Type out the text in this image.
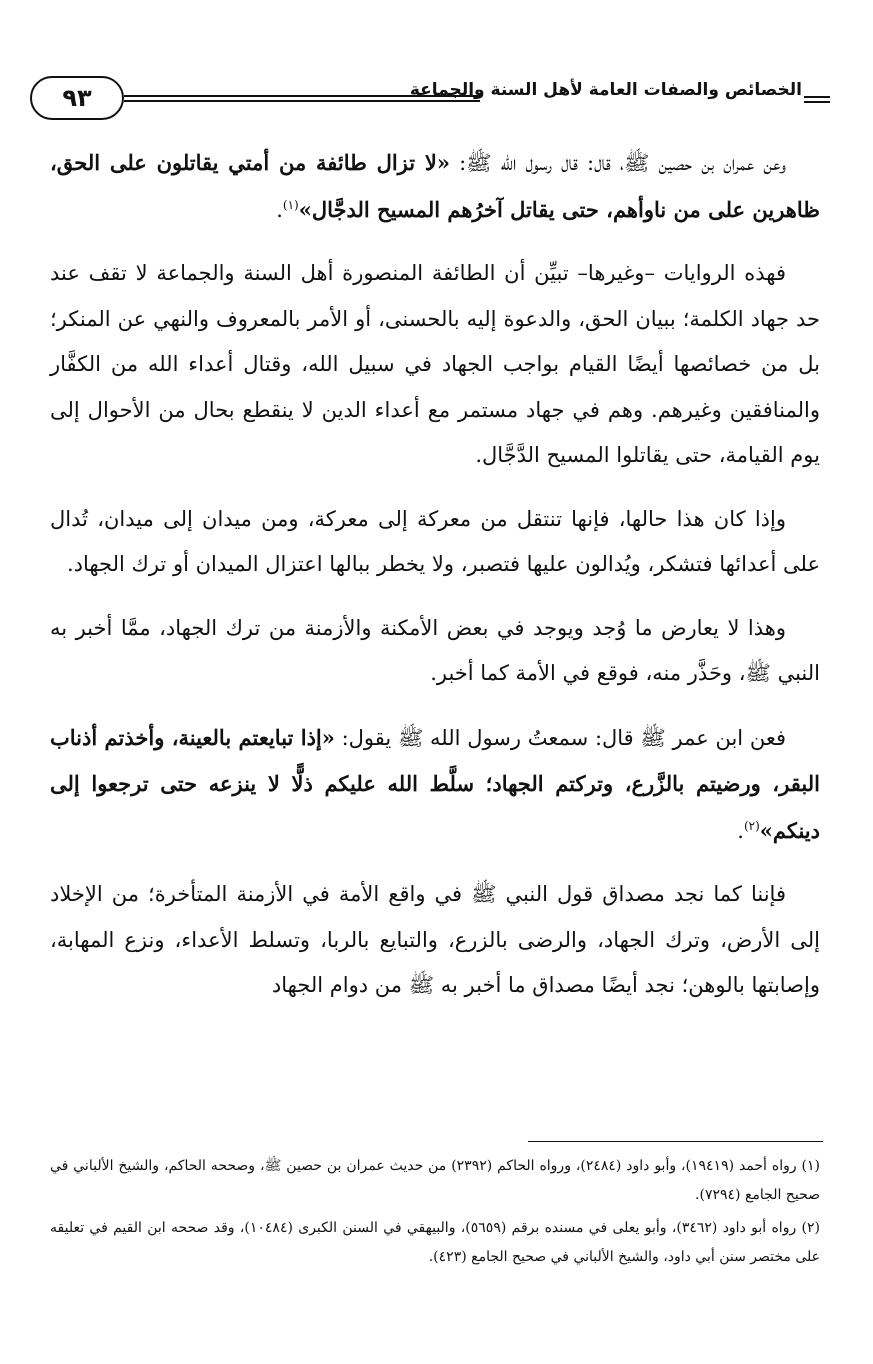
٩٣	الخصائص والصفات العامة لأهل السنة والجماعة

وعن عمران بن حصين ﷺ، قال: قال رسول الله ﷺ: «لا تزال طائفة من أمتي يقاتلون على الحق، ظاهرين على من ناوأهم، حتى يقاتل آخرُهم المسيح الدجَّال»$^{(١)}$.

فهذه الروايات –وغيرها– تبيِّن أن الطائفة المنصورة أهل السنة والجماعة لا تقف عند حد جهاد الكلمة؛ ببيان الحق، والدعوة إليه بالحسنى، أو الأمر بالمعروف والنهي عن المنكر؛ بل من خصائصها أيضًا القيام بواجب الجهاد في سبيل الله، وقتال أعداء الله من الكفَّار والمنافقين وغيرهم. وهم في جهاد مستمر مع أعداء الدين لا ينقطع بحال من الأحوال إلى يوم القيامة، حتى يقاتلوا المسيح الدَّجَّال.

وإذا كان هذا حالها، فإنها تنتقل من معركة إلى معركة، ومن ميدان إلى ميدان، تُدال على أعدائها فتشكر، ويُدالون عليها فتصبر، ولا يخطر ببالها اعتزال الميدان أو ترك الجهاد.

وهذا لا يعارض ما وُجد ويوجد في بعض الأمكنة والأزمنة من ترك الجهاد، ممَّا أخبر به النبي ﷺ، وحَذَّر منه، فوقع في الأمة كما أخبر.

فعن ابن عمر ﷺ قال: سمعتُ رسول الله ﷺ يقول: «إذا تبايعتم بالعينة، وأخذتم أذناب البقر، ورضيتم بالزَّرع، وتركتم الجهاد؛ سلَّط الله عليكم ذلًّا لا ينزعه حتى ترجعوا إلى دينكم»$^{(٢)}$.

فإننا كما نجد مصداق قول النبي ﷺ في واقع الأمة في الأزمنة المتأخرة؛ من الإخلاد إلى الأرض، وترك الجهاد، والرضى بالزرع، والتبايع بالربا، وتسلط الأعداء، ونزع المهابة، وإصابتها بالوهن؛ نجد أيضًا مصداق ما أخبر به ﷺ من دوام الجهاد

(١) رواه أحمد (١٩٤١٩)، وأبو داود (٢٤٨٤)، ورواه الحاكم (٢٣٩٢) من حديث عمران بن حصين ﷺ، وصححه الحاكم، والشيخ الألباني في صحيح الجامع (٧٢٩٤).

(٢) رواه أبو داود (٣٤٦٢)، وأبو يعلى في مسنده برقم (٥٦٥٩)، والبيهقي في السنن الكبرى (١٠٤٨٤)، وقد صححه ابن القيم في تعليقه على مختصر سنن أبي داود، والشيخ الألباني في صحيح الجامع (٤٢٣).
